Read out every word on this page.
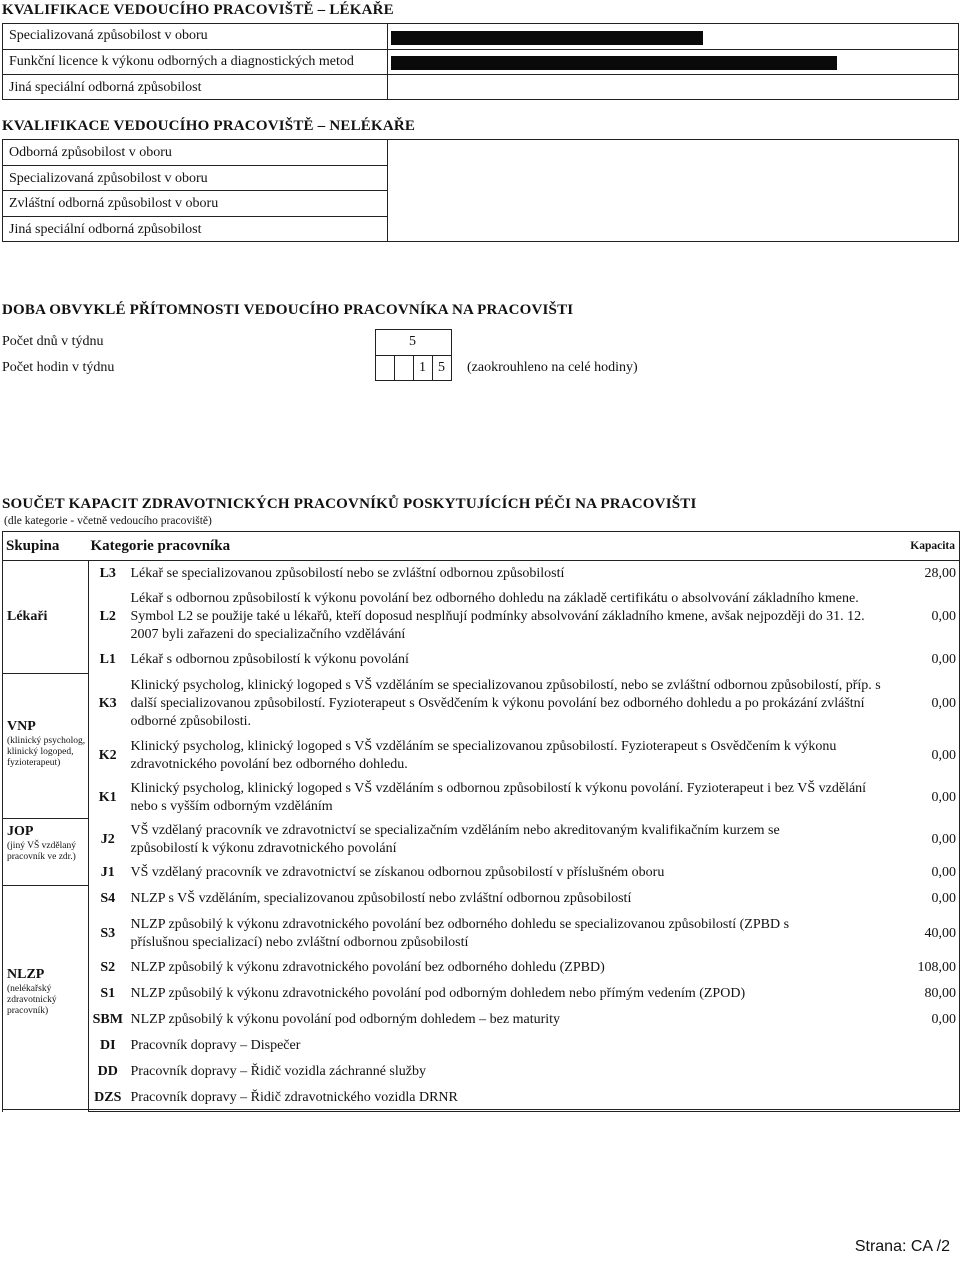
KVALIFIKACE VEDOUCÍHO PRACOVIŠTĚ – LÉKAŘE
Specializovaná způsobilost v oboru
Funkční licence k výkonu odborných a diagnostických metod
Jiná speciální odborná způsobilost
KVALIFIKACE VEDOUCÍHO PRACOVIŠTĚ – NELÉKAŘE
Odborná způsobilost v oboru
Specializovaná způsobilost v oboru
Zvláštní odborná způsobilost v oboru
Jiná speciální odborná způsobilost
DOBA OBVYKLÉ PŘÍTOMNOSTI VEDOUCÍHO PRACOVNÍKA NA PRACOVIŠTI
Počet dnů v týdnu	5
Počet hodin v týdnu	1 5 (zaokrouhleno na celé hodiny)
SOUČET KAPACIT ZDRAVOTNICKÝCH PRACOVNÍKŮ POSKYTUJÍCÍCH PÉČI NA PRACOVIŠTI
(dle kategorie - včetně vedoucího pracoviště)
Skupina	Kategorie pracovníka		Kapacita

Lékaři	L3	Lékař se specializovanou způsobilostí nebo se zvláštní odbornou způsobilostí	28,00
	L2	Lékař s odbornou způsobilostí k výkonu povolání bez odborného dohledu na základě certifikátu o absolvování základního kmene. Symbol L2 se použije také u lékařů, kteří doposud nesplňují podmínky absolvování základního kmene, avšak nejpozději do 31. 12. 2007 byli zařazeni do specializačního vzdělávání	0,00
	L1	Lékař s odbornou způsobilostí k výkonu povolání	0,00

VNP
(klinický psycholog, klinický logoped, fyzioterapeut)	K3	Klinický psycholog, klinický logoped s VŠ vzděláním se specializovanou způsobilostí, nebo se zvláštní odbornou způsobilostí, příp. s další specializovanou způsobilostí. Fyzioterapeut s Osvědčením k výkonu povolání bez odborného dohledu a po prokázání zvláštní odborné způsobilosti.	0,00
	K2	Klinický psycholog, klinický logoped s VŠ vzděláním se specializovanou způsobilostí. Fyzioterapeut s Osvědčením k výkonu zdravotnického povolání bez odborného dohledu.	0,00
	K1	Klinický psycholog, klinický logoped s VŠ vzděláním s odbornou způsobilostí k výkonu povolání. Fyzioterapeut i bez VŠ vzdělání nebo s vyšším odborným vzděláním	0,00

JOP
(jiný VŠ vzdělaný pracovník ve zdr.)	J2	VŠ vzdělaný pracovník ve zdravotnictví se specializačním vzděláním nebo akreditovaným kvalifikačním kurzem se způsobilostí k výkonu zdravotnického povolání	0,00
	J1	VŠ vzdělaný pracovník ve zdravotnictví se získanou odbornou způsobilostí v příslušném oboru	0,00

NLZP
(nelékařský zdravotnický pracovník)	S4	NLZP s VŠ vzděláním, specializovanou způsobilostí nebo zvláštní odbornou způsobilostí	0,00
	S3	NLZP způsobilý k výkonu zdravotnického povolání bez odborného dohledu se specializovanou způsobilostí (ZPBD s příslušnou specializací) nebo zvláštní odbornou způsobilostí	40,00
	S2	NLZP způsobilý k výkonu zdravotnického povolání bez odborného dohledu (ZPBD)	108,00
	S1	NLZP způsobilý k výkonu zdravotnického povolání pod odborným dohledem nebo přímým vedením (ZPOD)	80,00
	SBM	NLZP způsobilý k výkonu povolání pod odborným dohledem – bez maturity	0,00
	DI	Pracovník dopravy – Dispečer	
	DD	Pracovník dopravy – Řidič vozidla záchranné služby	
	DZS	Pracovník dopravy – Řidič zdravotnického vozidla DRNR	
Strana: CA /2
